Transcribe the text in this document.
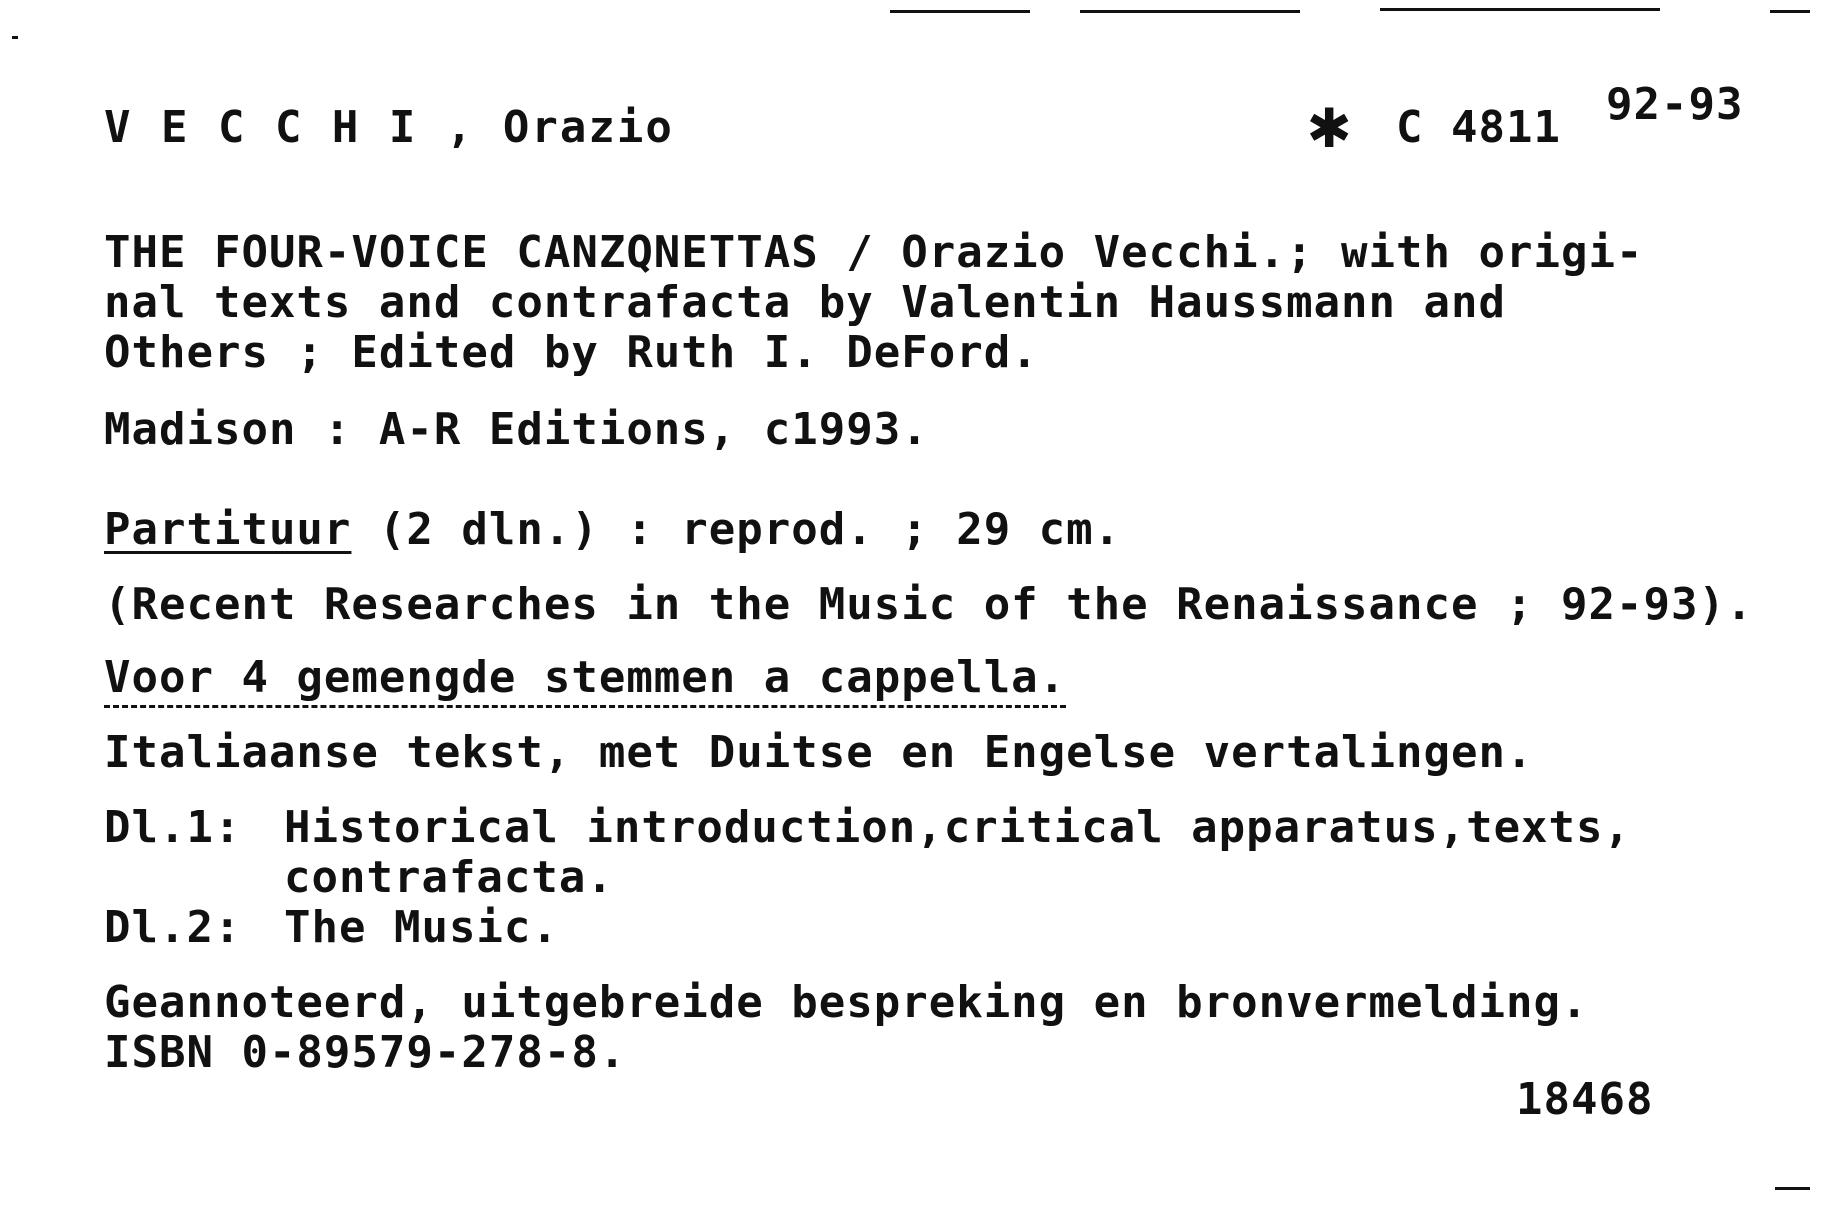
V E C C H I , Orazio	✱ C 4811 92-93
THE FOUR-VOICE CANZQNETTAS / Orazio Vecchi.; with origi-
nal texts and contrafacta by Valentin Haussmann and
Others ; Edited by Ruth I. DeFord.
Madison : A-R Editions, c1993.
Partituur (2 dln.) : reprod. ; 29 cm.
(Recent Researches in the Music of the Renaissance ; 92-93).
Voor 4 gemengde stemmen a cappella.
Italiaanse tekst, met Duitse en Engelse vertalingen.
Dl.1: Historical introduction,critical apparatus,texts,
contrafacta.
Dl.2: The Music.
Geannoteerd, uitgebreide bespreking en bronvermelding.
ISBN 0-89579-278-8.
18468
